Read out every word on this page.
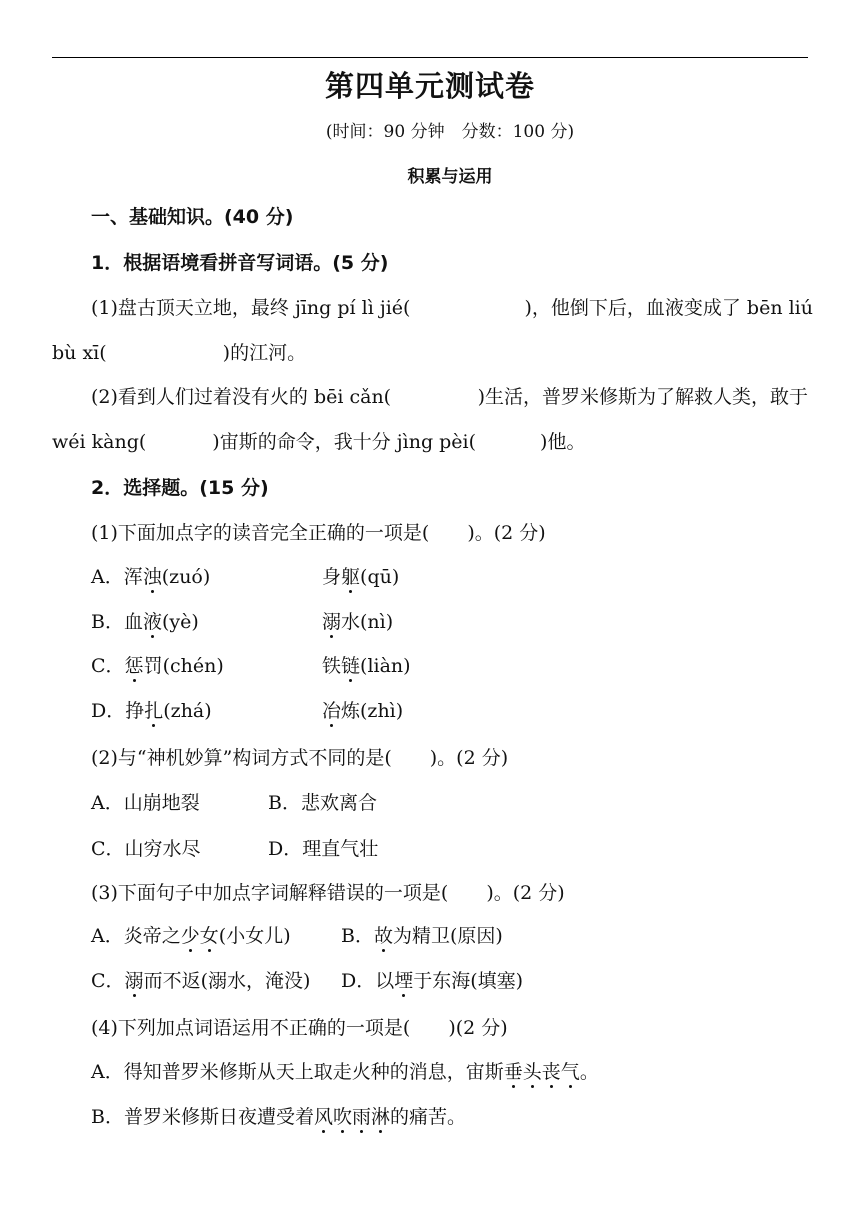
第四单元测试卷
(时间：90 分钟　分数：100 分)
积累与运用
一、基础知识。(40 分)
1．根据语境看拼音写词语。(5 分)
(1)盘古顶天立地，最终 jīng pí lì jié(	)，他倒下后，血液变成了 bēn liú
bù xī(	)的江河。
(2)看到人们过着没有火的 bēi cǎn(	)生活，普罗米修斯为了解救人类，敢于
wéi kàng(	)宙斯的命令，我十分 jìng pèi(	)他。
2．选择题。(15 分)
(1)下面加点字的读音完全正确的一项是(　　)。(2 分)
A．浑浊(zuó)	身躯(qū)
B．血液(yè)	溺水(nì)
C．惩罚(chén)	铁链(liàn)
D．挣扎(zhá)	冶炼(zhì)
(2)与“神机妙算”构词方式不同的是(　　)。(2 分)
A．山崩地裂	B．悲欢离合
C．山穷水尽	D．理直气壮
(3)下面句子中加点字词解释错误的一项是(　　)。(2 分)
A．炎帝之少女(小女儿)	B．故为精卫(原因)
C．溺而不返(溺水，淹没) D．以堙于东海(填塞)
(4)下列加点词语运用不正确的一项是(　　)(2 分)
A．得知普罗米修斯从天上取走火种的消息，宙斯垂头丧气。
B．普罗米修斯日夜遭受着风吹雨淋的痛苦。
